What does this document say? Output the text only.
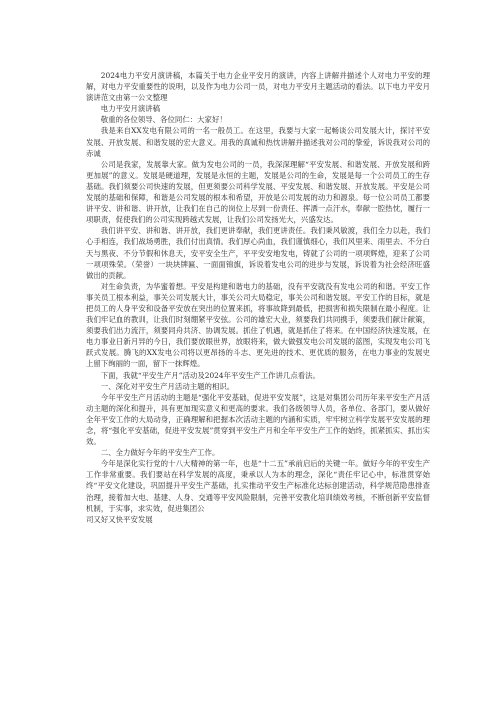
2024电力平安月演讲稿，本篇关于电力企业平安月的演讲，内容上讲解并描述个人对电力平安的理解，对电力平安重要性的说明，以及作为电力公司一员，对电力平安月主题活动的看法。以下电力平安月演讲范文由第一公文整理

电力平安月演讲稿

敬重的各位领导、各位同仁：大家好！

我是来自XX发电有限公司的一名一般员工。在这里，我要与大家一起畅谈公司发展大计，探讨平安发展、开放发展、和谐发展的宏大意义。用我的真诚和热忱讲解并描述我对公司的挚爱，诉说我对公司的赤诚

公司是我家，发展靠大家。做为发电公司的一员，我深深理解“平安发展、和谐发展、开放发展和跨更加展”的意义。发展是硬道理，发展是永恒的主题，发展是公司的生命，发展是每一个公司员工的生存基础。我们须要公司快速的发展，但更须要公司科学发展、平安发展、和谐发展、开放发展。平安是公司发展的基础和保障，和谐是公司发展的根本和希望，开放是公司发展的动力和源泉。每一位公司员工都要讲平安、讲和谐、讲开放，让我们在自己的岗位上尽到一份责任、挥洒一点汗水，奉献一腔热忱，履行一项职责，促使我们的公司实现跨越式发展，让我们公司发扬光大，兴盛发达。

我们讲平安、讲和谐、讲开放，我们更讲奉献，我们更讲责任。我们秉风敏渡，我们全力以赴，我们心手相连，我们战场勇胜，我们付出真情。我们厚心尚血，我们谨慎细心，我们风里来、雨里去、不分白天与黑夜、不分节假和休息天，安平安全生产，平平安安地发电，铸就了公司的一项项辉煌，迎来了公司一项项殊荣。（荣誉）一块块牌匾、一面面锦旗，诉说着发电公司的进步与发展，诉说着为社会经济旺盛做出的贡献。

对生命负责，为华蜜着想。平安是构建和谐电力的基础，没有平安就没有发电公司的和谐。平安工作事关员工根本利益，事关公司发展大计，事关公司大局稳定，事关公司和谐发展。平安工作的目标，就是把员工的人身平安和设备平安放在突出的位置来抓，将事故降到最低，把损害和损失限制在最小程度。让我们牢记血的教训，让我们时刻绷紧平安弦。公司的雄宏大业，须要我们共同携手，须要我们献计献策，须要我们出力流汗，须要同舟共济、协调发展。抓住了机遇，就是抓住了将来。在中国经济快速发展，在电力事业日新月异的今日，我们要放眼世界，放眼将来，做大做强发电公司发展的蓝图，实现发电公司飞跃式发展。腾飞的XX发电公司将以更昂扬的斗志、更先进的技术、更优质的服务，在电力事业的发展史上留下绚丽的一面，留下一抹辉煌。

下面，我就“平安生产月”活动及2024年平安生产工作讲几点看法。

一、深化对平安生产月活动主题的相识。

今年平安生产月活动的主题是“强化平安基础，促进平安发展”，这是对集团公司历年来平安生产月活动主题的深化和提升，具有更加现实意义和更高的要求。我们各级领导人员，各单位、各部门，要从做好全年平安工作的大局动身，正确理解和把握本次活动主题的内涵和实质，牢牢树立科学发展平安发展的理念，将“强化平安基础，促进平安发展”贯穿到平安生产月和全年平安生产工作的始终，抓紧抓实、抓出实效。

二、全力做好今年的平安生产工作。

今年是深化实行党的十八大精神的第一年，也是“十二五”承前启后的关键一年。做好今年的平安生产工作非常重要。我们要站在科学发展的高度，秉承以人为本的理念，深化“责任牢记心中，标准贯穿始终“平安文化建设，巩固提升平安生产基础，扎实推动平安生产标准化达标创建活动，科学规范隐患排查治理，接着加大电、基建、人身、交通等平安风险限制，完善平安教化培训绩效考核，不断创新平安监督机制，于实事，求实效，促进集团公

司又好又快平安发展
